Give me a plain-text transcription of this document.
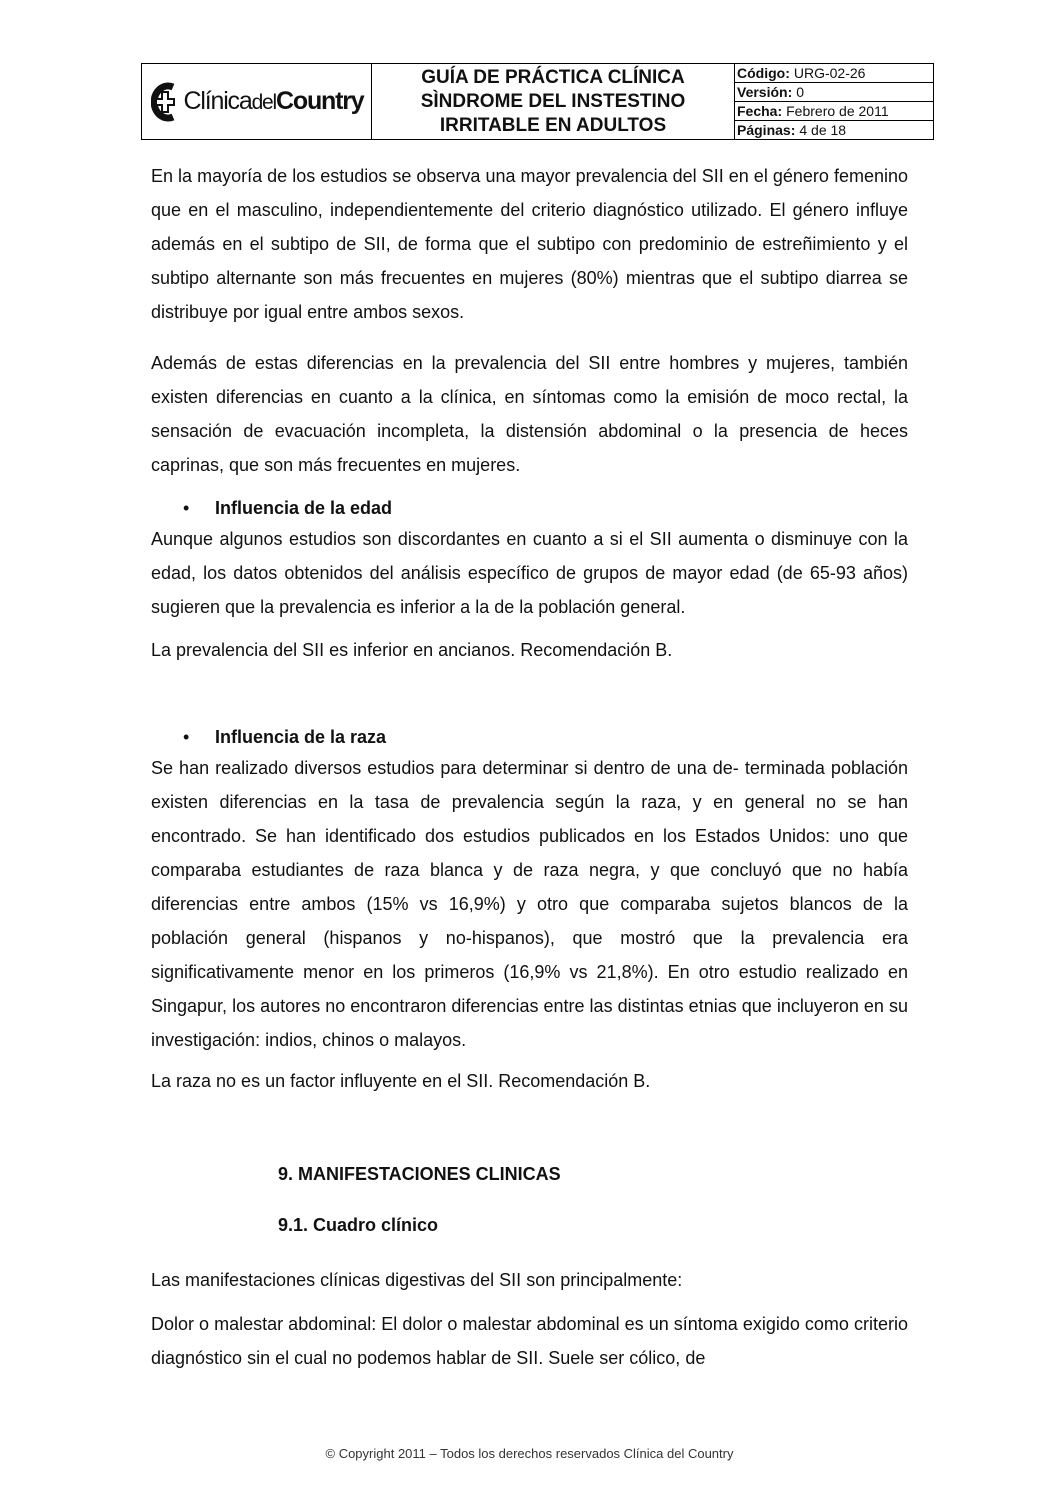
ClínicadelCountry
GUÍA DE PRÁCTICA CLÍNICA
SÌNDROME DEL INSTESTINO
IRRITABLE EN ADULTOS
Código: URG-02-26
Versión: 0
Fecha: Febrero de 2011
Páginas: 4 de 18

En la mayoría de los estudios se observa una mayor prevalencia del SII en el género femenino que en el masculino, independientemente del criterio diagnóstico utilizado. El género influye además en el subtipo de SII, de forma que el subtipo con predominio de estreñimiento y el subtipo alternante son más frecuentes en mujeres (80%) mientras que el subtipo diarrea se distribuye por igual entre ambos sexos.

Además de estas diferencias en la prevalencia del SII entre hombres y mujeres, también existen diferencias en cuanto a la clínica, en síntomas como la emisión de moco rectal, la sensación de evacuación incompleta, la distensión abdominal o la presencia de heces caprinas, que son más frecuentes en mujeres.

• Influencia de la edad

Aunque algunos estudios son discordantes en cuanto a si el SII aumenta o disminuye con la edad, los datos obtenidos del análisis específico de grupos de mayor edad (de 65-93 años) sugieren que la prevalencia es inferior a la de la población general.

La prevalencia del SII es inferior en ancianos. Recomendación B.

• Influencia de la raza

Se han realizado diversos estudios para determinar si dentro de una de- terminada población existen diferencias en la tasa de prevalencia según la raza, y en general no se han encontrado. Se han identificado dos estudios publicados en los Estados Unidos: uno que comparaba estudiantes de raza blanca y de raza negra, y que concluyó que no había diferencias entre ambos (15% vs 16,9%) y otro que comparaba sujetos blancos de la población general (hispanos y no-hispanos), que mostró que la prevalencia era significativamente menor en los primeros (16,9% vs 21,8%). En otro estudio realizado en Singapur, los autores no encontraron diferencias entre las distintas etnias que incluyeron en su investigación: indios, chinos o malayos.

La raza no es un factor influyente en el SII. Recomendación B.

9. MANIFESTACIONES CLINICAS
9.1. Cuadro clínico

Las manifestaciones clínicas digestivas del SII son principalmente:

Dolor o malestar abdominal: El dolor o malestar abdominal es un síntoma exigido como criterio diagnóstico sin el cual no podemos hablar de SII. Suele ser cólico, de

© Copyright 2011 – Todos los derechos reservados Clínica del Country
